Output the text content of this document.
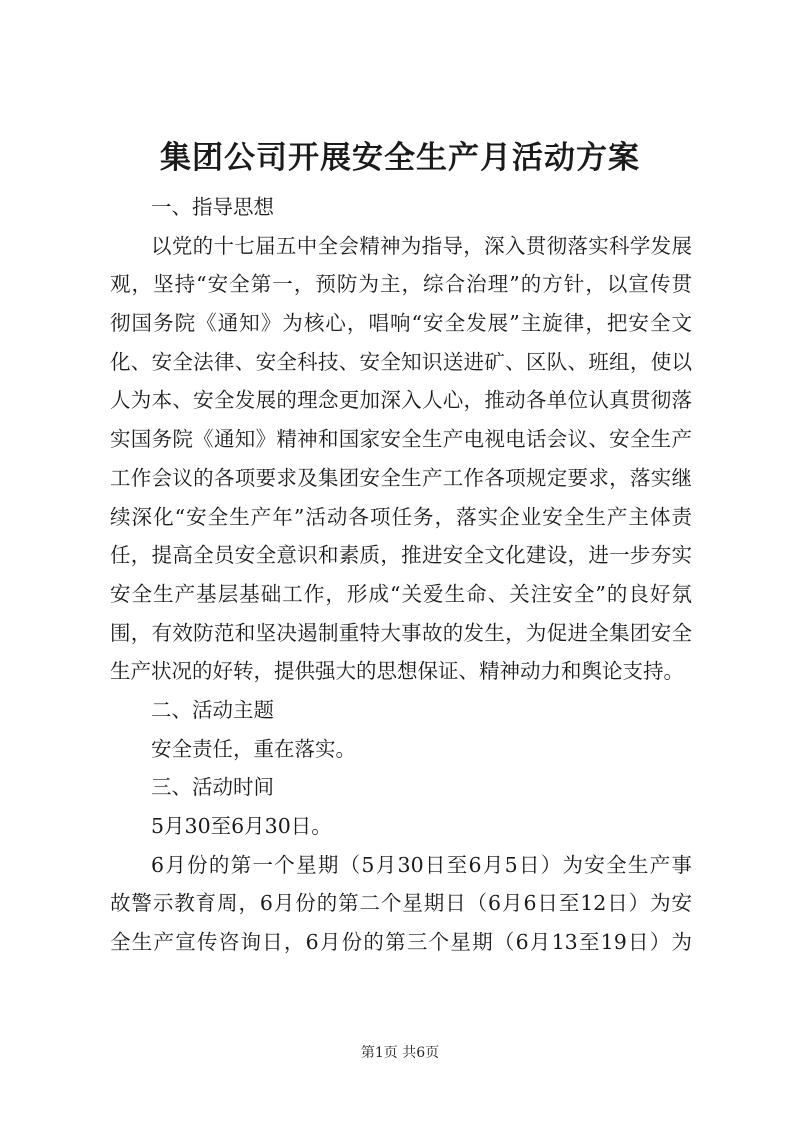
集团公司开展安全生产月活动方案
一、指导思想
以党的十七届五中全会精神为指导，深入贯彻落实科学发展
观，坚持“安全第一，预防为主，综合治理”的方针，以宣传贯
彻国务院《通知》为核心，唱响“安全发展”主旋律，把安全文
化、安全法律、安全科技、安全知识送进矿、区队、班组，使以
人为本、安全发展的理念更加深入人心，推动各单位认真贯彻落
实国务院《通知》精神和国家安全生产电视电话会议、安全生产
工作会议的各项要求及集团安全生产工作各项规定要求，落实继
续深化“安全生产年”活动各项任务，落实企业安全生产主体责
任，提高全员安全意识和素质，推进安全文化建设，进一步夯实
安全生产基层基础工作，形成“关爱生命、关注安全”的良好氛
围，有效防范和坚决遏制重特大事故的发生，为促进全集团安全
生产状况的好转，提供强大的思想保证、精神动力和舆论支持。
二、活动主题
安全责任，重在落实。
三、活动时间
5月30至6月30日。
6月份的第一个星期（5月30日至6月5日）为安全生产事
故警示教育周，6月份的第二个星期日（6月6日至12日）为安
全生产宣传咨询日，6月份的第三个星期（6月13至19日）为
第1页 共6页
